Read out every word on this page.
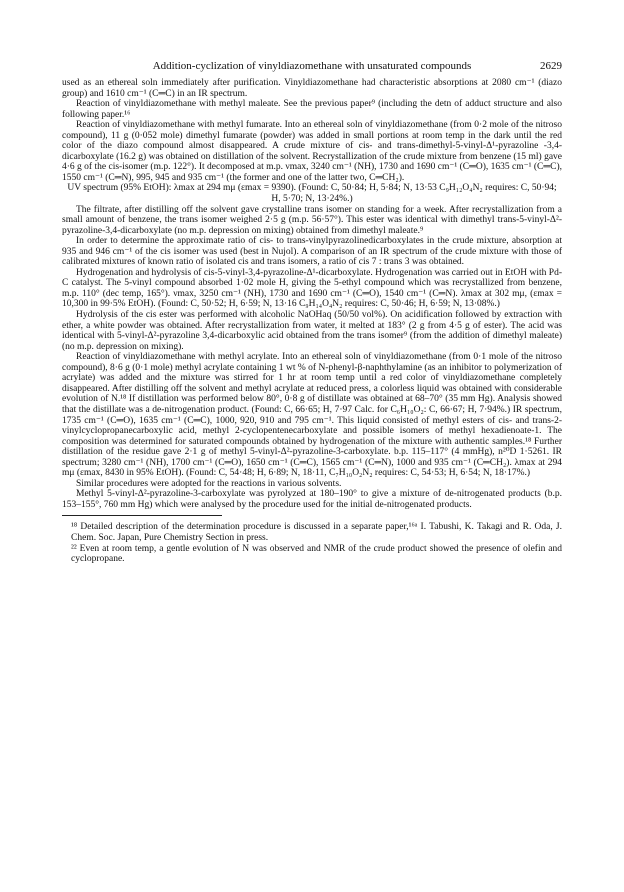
Addition-cyclization of vinyldiazomethane with unsaturated compounds	2629

used as an ethereal soln immediately after purification. Vinyldiazomethane had characteristic absorptions at 2080 cm⁻¹ (diazo group) and 1610 cm⁻¹ (C═C) in an IR spectrum.

Reaction of vinyldiazomethane with methyl maleate. See the previous paper⁹ (including the detn of adduct structure and also following paper.¹⁶

Reaction of vinyldiazomethane with methyl fumarate. Into an ethereal soln of vinyldiazomethane (from 0·2 mole of the nitroso compound), 11 g (0·052 mole) dimethyl fumarate (powder) was added in small portions at room temp in the dark until the red color of the diazo compound almost disappeared. A crude mixture of cis- and trans-dimethyl-5-vinyl-Δ¹-pyrazoline -3,4-dicarboxylate (16.2 g) was obtained on distillation of the solvent. Recrystallization of the crude mixture from benzene (15 ml) gave 4·6 g of the cis-isomer (m.p. 122°). It decomposed at m.p. νmax, 3240 cm⁻¹ (NH), 1730 and 1690 cm⁻¹ (C═O), 1635 cm⁻¹ (C═C), 1550 cm⁻¹ (C═N), 995, 945 and 935 cm⁻¹ (the former and one of the latter two, C═CH₂).

UV spectrum (95% EtOH): λmax at 294 mμ (εmax = 9390). (Found: C, 50·84; H, 5·84; N, 13·53 C₉H₁₂O₄N₂ requires: C, 50·94; H, 5·70; N, 13·24%.)

The filtrate, after distilling off the solvent gave crystalline trans isomer on standing for a week. After recrystallization from a small amount of benzene, the trans isomer weighed 2·5 g (m.p. 56·57°). This ester was identical with dimethyl trans-5-vinyl-Δ²-pyrazoline-3,4-dicarboxylate (no m.p. depression on mixing) obtained from dimethyl maleate.⁹

In order to determine the approximate ratio of cis- to trans-vinylpyrazolinedicarboxylates in the crude mixture, absorption at 935 and 946 cm⁻¹ of the cis isomer was used (best in Nujol). A comparison of an IR spectrum of the crude mixture with those of calibrated mixtures of known ratio of isolated cis and trans isomers, a ratio of cis 7 : trans 3 was obtained.

Hydrogenation and hydrolysis of cis-5-vinyl-3,4-pyrazoline-Δ¹-dicarboxylate. Hydrogenation was carried out in EtOH with Pd-C catalyst. The 5-vinyl compound absorbed 1·02 mole H, giving the 5-ethyl compound which was recrystallized from benzene, m.p. 110° (dec temp, 165°). νmax, 3250 cm⁻¹ (NH), 1730 and 1690 cm⁻¹ (C═O), 1540 cm⁻¹ (C═N). λmax at 302 mμ, (εmax = 10,300 in 99·5% EtOH). (Found: C, 50·52; H, 6·59; N, 13·16 C₉H₁₄O₄N₂ requires: C, 50·46; H, 6·59; N, 13·08%.)

Hydrolysis of the cis ester was performed with alcoholic NaOHaq (50/50 vol%). On acidification followed by extraction with ether, a white powder was obtained. After recrystallization from water, it melted at 183° (2 g from 4·5 g of ester). The acid was identical with 5-vinyl-Δ²-pyrazoline 3,4-dicarboxylic acid obtained from the trans isomer⁹ (from the addition of dimethyl maleate) (no m.p. depression on mixing).

Reaction of vinyldiazomethane with methyl acrylate. Into an ethereal soln of vinyldiazomethane (from 0·1 mole of the nitroso compound), 8·6 g (0·1 mole) methyl acrylate containing 1 wt % of N-phenyl-β-naphthylamine (as an inhibitor to polymerization of acrylate) was added and the mixture was stirred for 1 hr at room temp until a red color of vinyldiazomethane completely disappeared. After distilling off the solvent and methyl acrylate at reduced press, a colorless liquid was obtained with considerable evolution of N.¹⁸ If distillation was performed below 80°, 0·8 g of distillate was obtained at 68–70° (35 mm Hg). Analysis showed that the distillate was a de-nitrogenation product. (Found: C, 66·65; H, 7·97 Calc. for C₆H₁₀O₂: C, 66·67; H, 7·94%.) IR spectrum, 1735 cm⁻¹ (C═O), 1635 cm⁻¹ (C═C), 1000, 920, 910 and 795 cm⁻¹. This liquid consisted of methyl esters of cis- and trans-2-vinylcyclopropanecarboxylic acid, methyl 2-cyclopentenecarboxylate and possible isomers of methyl hexadienoate-1. The composition was determined for saturated compounds obtained by hydrogenation of the mixture with authentic samples.¹⁸ Further distillation of the residue gave 2·1 g of methyl 5-vinyl-Δ²-pyrazoline-3-carboxylate. b.p. 115–117° (4 mmHg), n²⁰D 1·5261. IR spectrum; 3280 cm⁻¹ (NH), 1700 cm⁻¹ (C═O), 1650 cm⁻¹ (C═C), 1565 cm⁻¹ (C═N), 1000 and 935 cm⁻¹ (C═CH₂). λmax at 294 mμ (εmax, 8430 in 95% EtOH). (Found: C, 54·48; H, 6·89; N, 18·11, C₇H₁₀O₂N₂ requires: C, 54·53; H, 6·54; N, 18·17%.)

Similar procedures were adopted for the reactions in various solvents.

Methyl 5-vinyl-Δ²-pyrazoline-3-carboxylate was pyrolyzed at 180–190° to give a mixture of de-nitrogenated products (b.p. 153–155°, 760 mm Hg) which were analysed by the procedure used for the initial de-nitrogenated products.

¹⁸ Detailed description of the determination procedure is discussed in a separate paper,¹⁶ᵃ I. Tabushi, K. Takagi and R. Oda, J. Chem. Soc. Japan, Pure Chemistry Section in press.

²² Even at room temp, a gentle evolution of N was observed and NMR of the crude product showed the presence of olefin and cyclopropane.
